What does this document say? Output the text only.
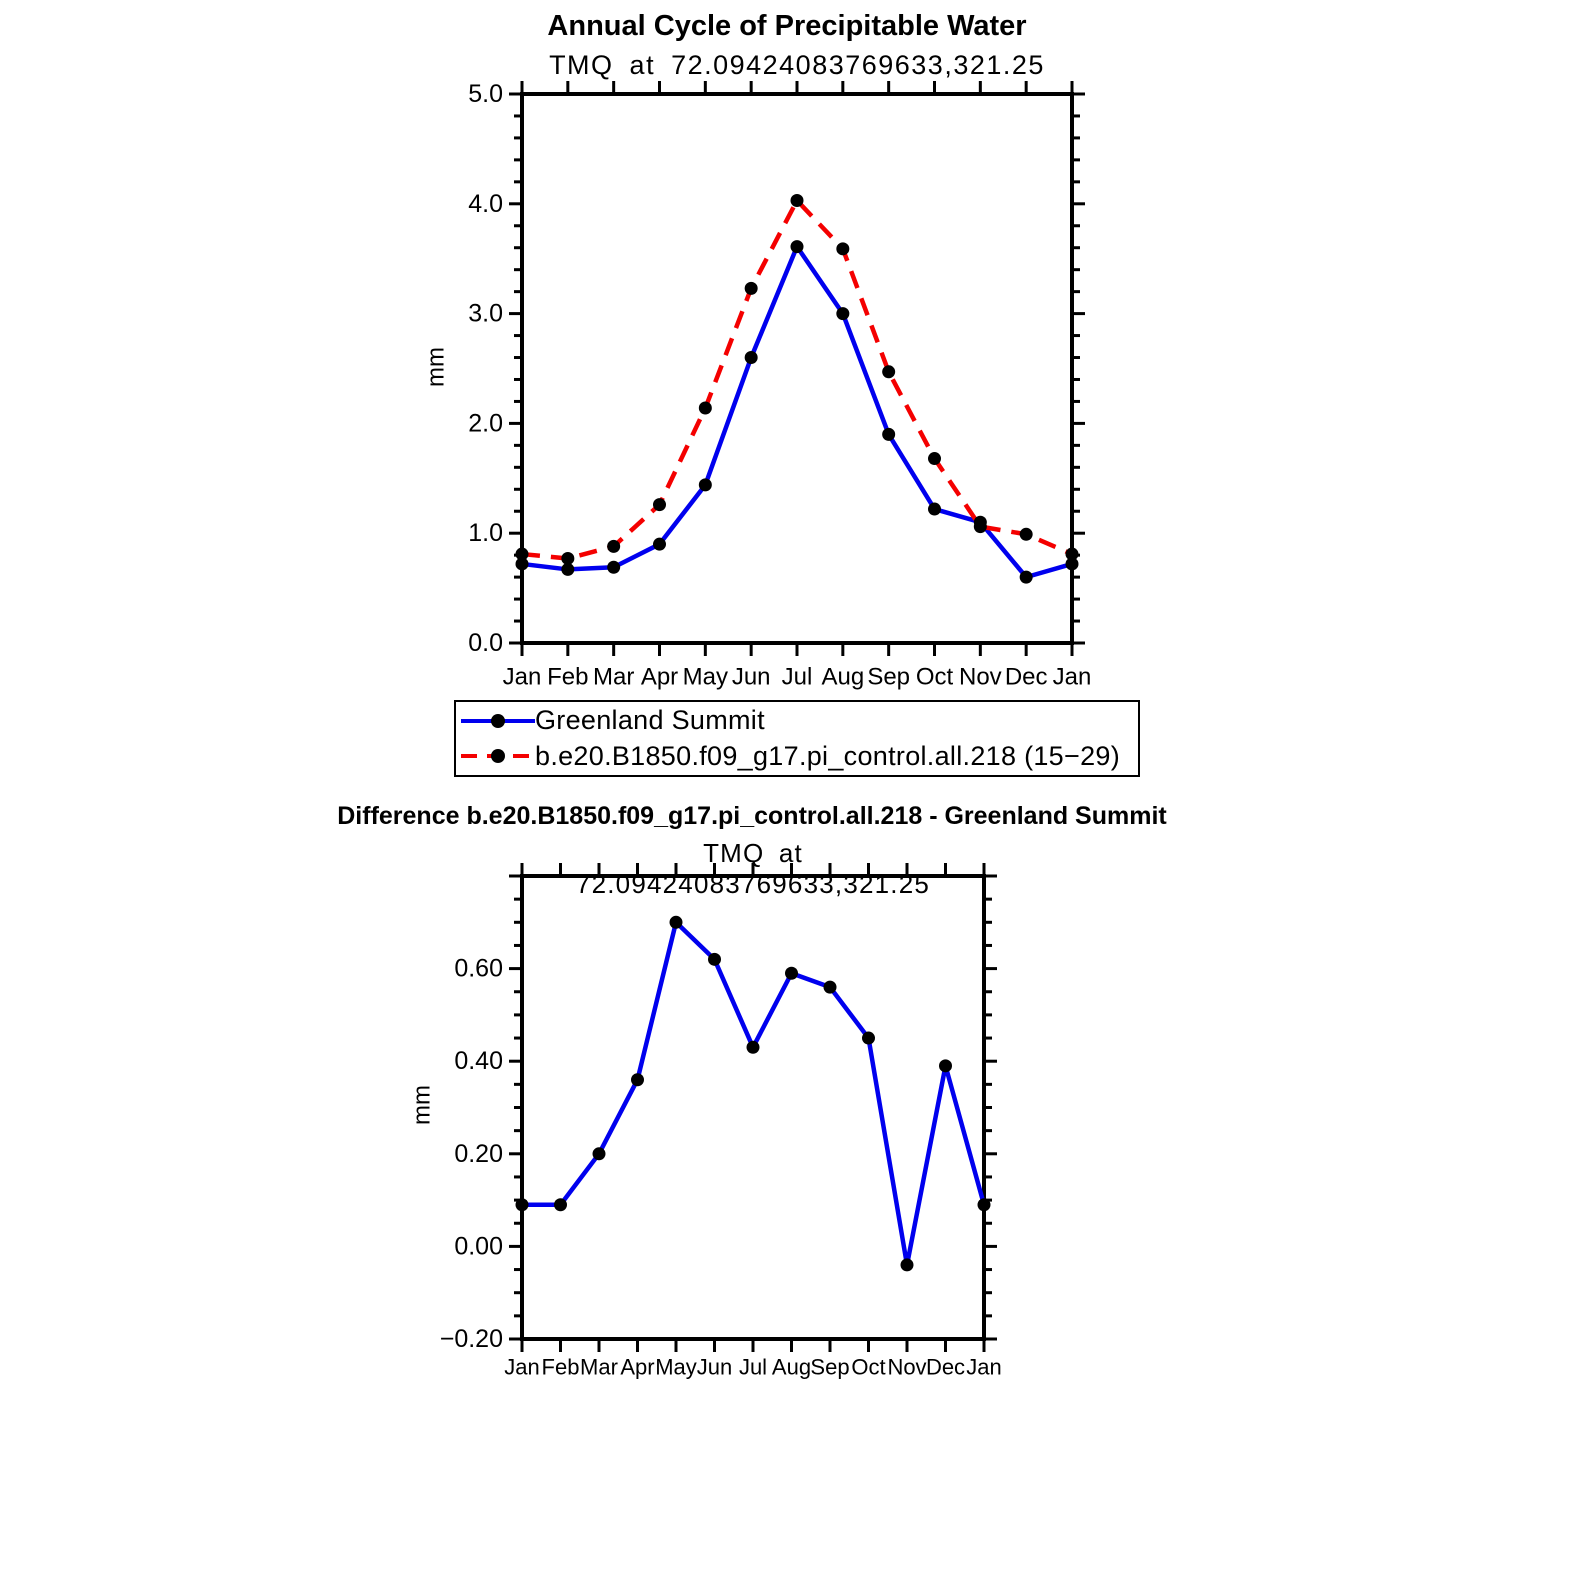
Annual Cycle of Precipitable Water
TMQ at 72.09424083769633,321.25
0.0
1.0
2.0
3.0
4.0
5.0
Jan Feb Mar Apr May Jun Jul Aug Sep Oct Nov Dec Jan
mm
Greenland Summit
b.e20.B1850.f09_g17.pi_control.all.218 (15−29)
Difference b.e20.B1850.f09_g17.pi_control.all.218 - Greenland Summit
TMQ at 72.09424083769633,321.25
−0.20
0.00
0.20
0.40
0.60
Jan Feb Mar Apr May Jun Jul Aug Sep Oct Nov Dec Jan
mm
